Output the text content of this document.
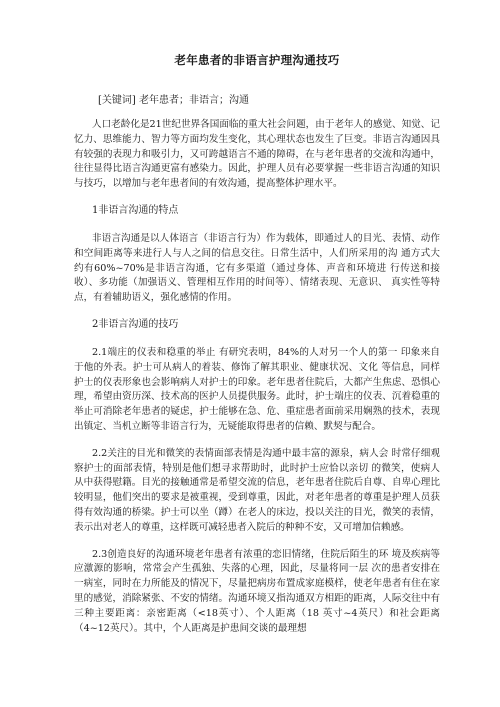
老年患者的非语言护理沟通技巧
[关键词] 老年患者；非语言；沟通

人口老龄化是21世纪世界各国面临的重大社会问题，由于老年人的感觉、知觉、记忆力、思维能力、智力等方面均发生变化，其心理状态也发生了巨变。非语言沟通因具有较强的表现力和吸引力，又可跨越语言不通的障碍，在与老年患者的交流和沟通中，往往显得比语言沟通更富有感染力。因此，护理人员有必要掌握一些非语言沟通的知识与技巧，以增加与老年患者间的有效沟通，提高整体护理水平。

1非语言沟通的特点

非语言沟通是以人体语言（非语言行为）作为载体，即通过人的目光、表情、动作和空间距离等来进行人与人之间的信息交往。日常生活中，人们所采用的沟 通方式大约有60%~70%是非语言沟通，它有多渠道（通过身体、声音和环境进 行传送和接收）、多功能（加强语义、管理相互作用的时间等）、情绪表现、无意识、 真实性等特点，有着辅助语义，强化感情的作用。

2非语言沟通的技巧

2.1端庄的仪表和稳重的举止 有研究表明，84%的人对另一个人的第一 印象来自于他的外表。护士可从病人的着装、修饰了解其职业、健康状况、文化 等信息，同样护士的仪表形象也会影响病人对护士的印象。老年患者住院后，大都产生焦虑、恐惧心理，希望由资历深、技术高的医护人员提供服务。此时，护士端庄的仪表、沉着稳重的举止可消除老年患者的疑虑，护士能够在急、危、重症患者面前采用娴熟的技术，表现出镇定、当机立断等非语言行为，无疑能取得患者的信赖、默契与配合。

2.2关注的目光和微笑的表情面部表情是沟通中最丰富的源泉，病人会 时常仔细观察护士的面部表情，特别是他们想寻求帮助时，此时护士应恰以亲切 的微笑，使病人从中获得慰籍。目光的接触通常是希望交流的信息，老年患者住院后自尊、自卑心理比较明显，他们突出的要求是被重视，受到尊重，因此，对老年患者的尊重是护理人员获得有效沟通的桥梁。护士可以坐（蹲）在老人的床边，投以关注的目光，微笑的表情，表示出对老人的尊重，这样既可减轻患者入院后的种种不安，又可增加信赖感。

2.3创造良好的沟通环境老年患者有浓重的恋旧情绪，住院后陌生的环 境及疾病等应激源的影响，常常会产生孤独、失落的心理，因此，尽量将同一层 次的患者安排在一病室，同时在力所能及的情况下，尽量把病房布置成家庭模样，使老年患者有住在家里的感觉，消除紧张、不安的情绪。沟通环境又指沟通双方相距的距离，人际交往中有三种主要距离：亲密距离（<18英寸）、个人距离（18 英寸~4英尺）和社会距离（4~12英尺）。其中，个人距离是护患间交谈的最理想
